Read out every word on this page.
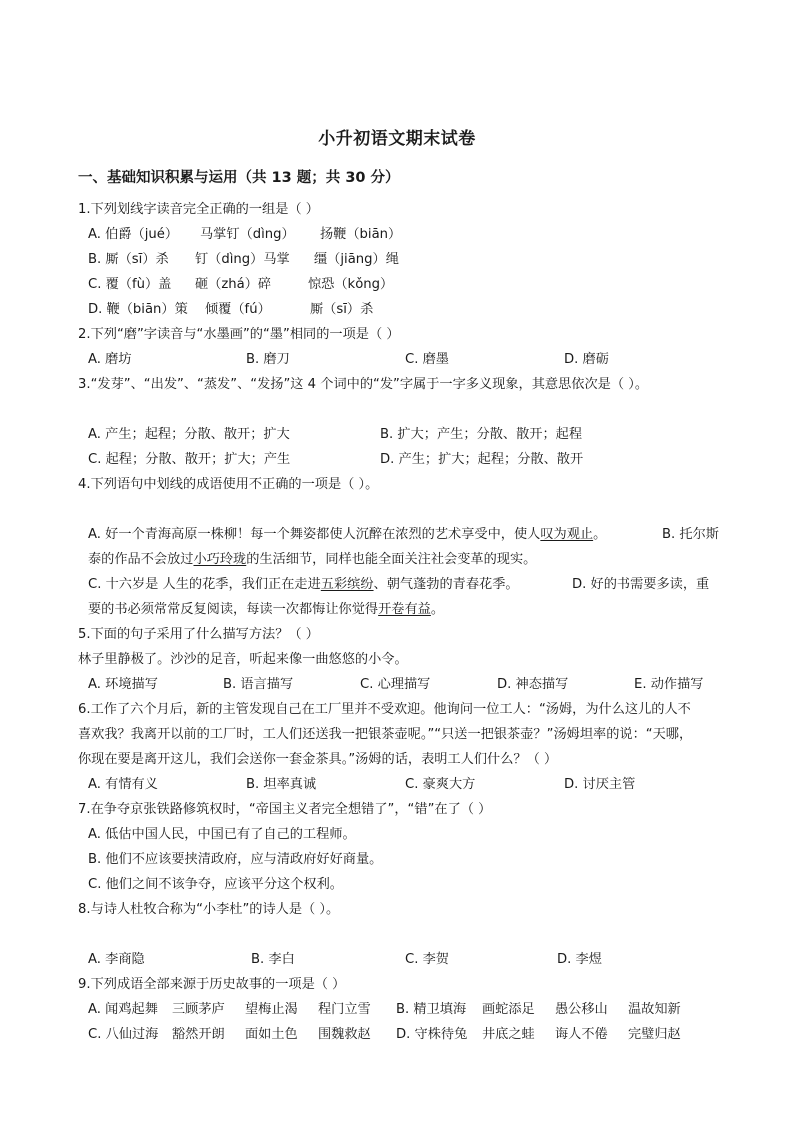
小升初语文期末试卷
一、基础知识积累与运用（共 13 题；共 30 分）
1.下列划线字读音完全正确的一组是（ ）
A. 伯爵（jué） 马掌钉（dìng） 扬鞭（biān）
B. 厮（sī）杀 钉（dìng）马掌 缰（jiāng）绳
C. 覆（fù）盖 砸（zhá）碎	惊恐（kǒng）
D. 鞭（biān）策 倾覆（fú）	厮（sī）杀
2.下列“磨”字读音与“水墨画”的“墨”相同的一项是（ ）
A. 磨坊	B. 磨刀	C. 磨墨	D. 磨砺
3.“发芽”、“出发”、“蒸发”、“发扬”这 4 个词中的“发”字属于一字多义现象，其意思依次是（ ）。
A. 产生；起程；分散、散开；扩大	B. 扩大；产生；分散、散开；起程
C. 起程；分散、散开；扩大；产生	D. 产生；扩大；起程；分散、散开
4.下列语句中划线的成语使用不正确的一项是（ ）。
A. 好一个青海高原一株柳！每一个舞姿都使人沉醉在浓烈的艺术享受中，使人叹为观止。	B. 托尔斯
泰的作品不会放过小巧玲珑的生活细节，同样也能全面关注社会变革的现实。
C. 十六岁是 人生的花季，我们正在走进五彩缤纷、朝气蓬勃的青春花季。	D. 好的书需要多读，重
要的书必须常常反复阅读，每读一次都悔让你觉得开卷有益。
5.下面的句子采用了什么描写方法？（ ）
林子里静极了。沙沙的足音，听起来像一曲悠悠的小令。
A. 环境描写	B. 语言描写	C. 心理描写	D. 神态描写	E. 动作描写
6.工作了六个月后，新的主管发现自己在工厂里并不受欢迎。他询问一位工人：“汤姆，为什么这儿的人不
喜欢我？我离开以前的工厂时，工人们还送我一把银茶壶呢。”“只送一把银茶壶？”汤姆坦率的说：“天哪，
你现在要是离开这儿，我们会送你一套金茶具。”汤姆的话，表明工人们什么？（ ）
A. 有情有义	B. 坦率真诚	C. 豪爽大方	D. 讨厌主管
7.在争夺京张铁路修筑权时，“帝国主义者完全想错了”，“错”在了（ ）
A. 低估中国人民，中国已有了自己的工程师。
B. 他们不应该要挟清政府，应与清政府好好商量。
C. 他们之间不该争夺，应该平分这个权利。
8.与诗人杜牧合称为“小李杜”的诗人是（ ）。
A. 李商隐	B. 李白	C. 李贺	D. 李煜
9.下列成语全部来源于历史故事的一项是（ ）
A. 闻鸡起舞 三顾茅庐 望梅止渴 程门立雪 B. 精卫填海 画蛇添足 愚公移山 温故知新
C. 八仙过海 豁然开朗 面如土色 围魏救赵 D. 守株待兔 井底之蛙 诲人不倦 完璧归赵
